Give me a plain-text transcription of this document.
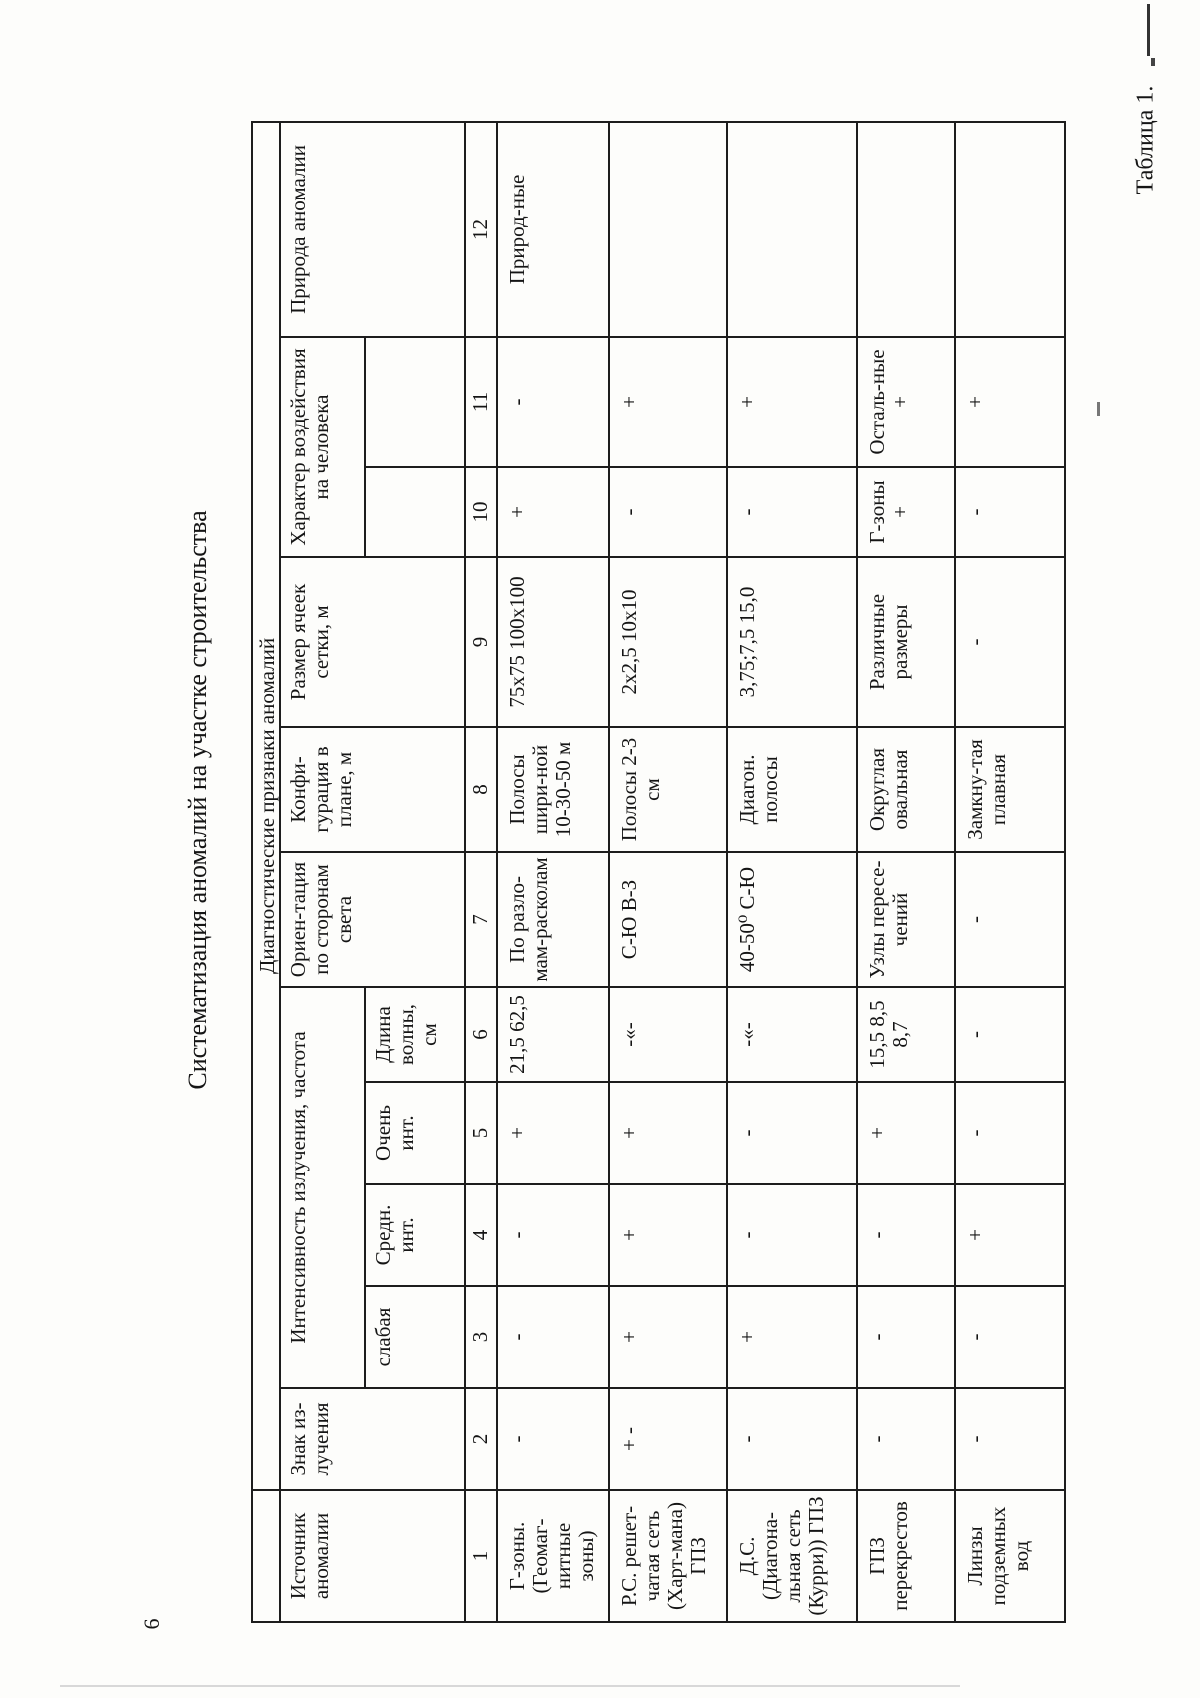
Таблица 1.
Систематизация аномалий на участке строительства
6
	Диагностические признаки аномалий										
Источник аномалии	Знак из-лучения	Интенсивность излучения, частота				Ориен-тация по сторонам света	Конфи-гурация в плане, м	Размер ячеек сетки, м	Характер воздействия на человека		Природа аномалии
		слабая	Средн. инт.	Очень инт.	Длина волны, см						
1	2	3	4	5	6	7	8	9	10	11	12
Г-зоны. (Геомаг-нитные зоны)	-	-	-	+	21,5 62,5	По разло-мам-расколам	Полосы шири-ной 10-30-50 м	75х75 100х100	+	-	Природ-ные
Р.С. решет-чатая сеть (Харт-мана) ГПЗ	+ -	+	+	+	-«-	С-Ю В-З	Полосы 2-3 см	2х2,5 10х10	-	+	
Д.С. (Диагона-льная сеть (Курри)) ГПЗ	-	+	-	-	-«-	40-50⁰ С-Ю	Диагон. полосы	3,75;7,5 15,0	-	+	
ГПЗ перекрестов	-	-	-	+	15,5 8,5 8,7	Узлы пересе-чений	Округлая овальная	Различные размеры	Г-зоны +	Осталь-ные +	
Линзы подземных вод	-	-	+	-	-	-	Замкну-тая плавная	-	-	+	
